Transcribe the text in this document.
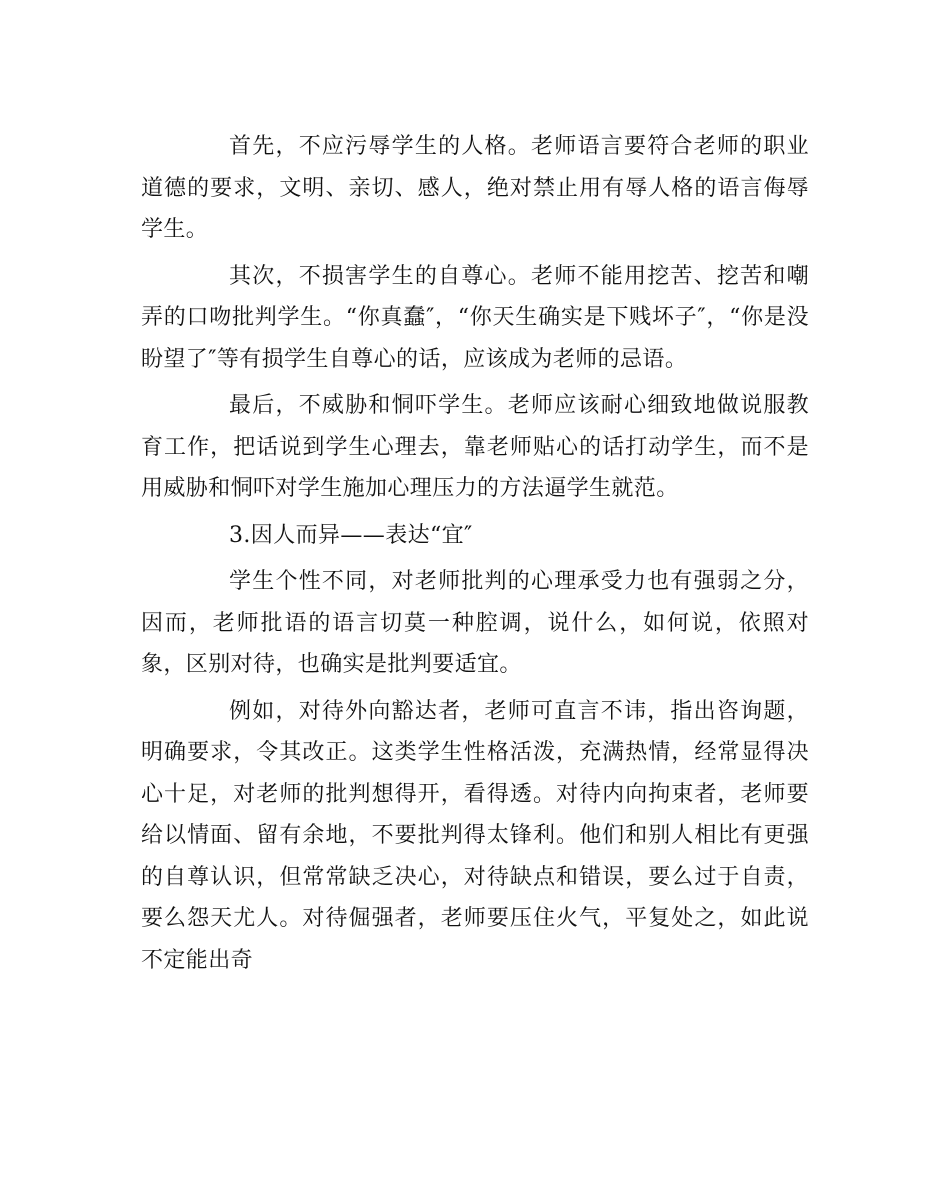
首先，不应污辱学生的人格。老师语言要符合老师的职业道德的要求，文明、亲切、感人，绝对禁止用有辱人格的语言侮辱学生。

其次，不损害学生的自尊心。老师不能用挖苦、挖苦和嘲弄的口吻批判学生。“你真蠢″，“你天生确实是下贱坏子″，“你是没盼望了″等有损学生自尊心的话，应该成为老师的忌语。

最后，不威胁和恫吓学生。老师应该耐心细致地做说服教育工作，把话说到学生心理去，靠老师贴心的话打动学生，而不是用威胁和恫吓对学生施加心理压力的方法逼学生就范。

3.因人而异——表达“宜″

学生个性不同，对老师批判的心理承受力也有强弱之分，因而，老师批语的语言切莫一种腔调，说什么，如何说，依照对象，区别对待，也确实是批判要适宜。

例如，对待外向豁达者，老师可直言不讳，指出咨询题，明确要求，令其改正。这类学生性格活泼，充满热情，经常显得决心十足，对老师的批判想得开，看得透。对待内向拘束者，老师要给以情面、留有余地，不要批判得太锋利。他们和别人相比有更强的自尊认识，但常常缺乏决心，对待缺点和错误，要么过于自责，要么怨天尤人。对待倔强者，老师要压住火气，平复处之，如此说不定能出奇
